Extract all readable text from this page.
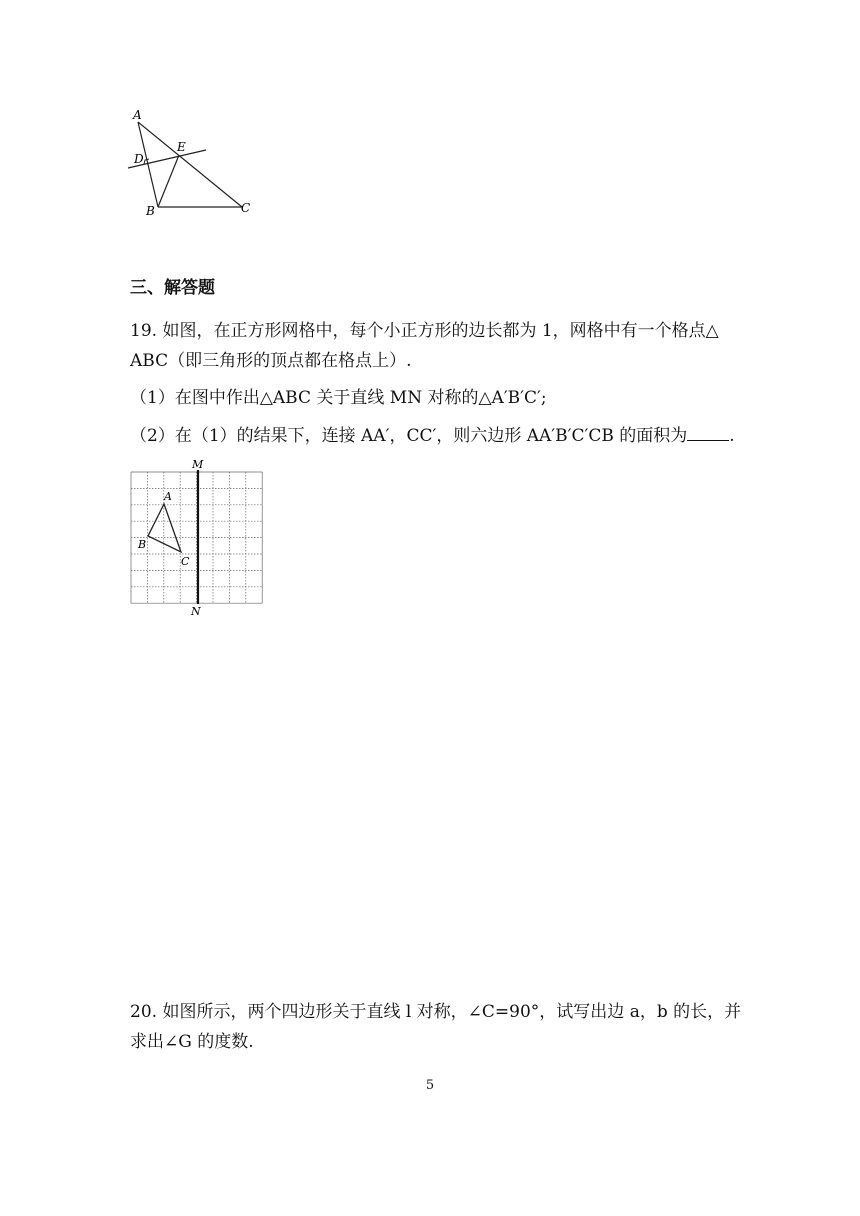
A
D
E
B	C
三、解答题
19. 如图，在正方形网格中，每个小正方形的边长都为 1，网格中有一个格点△
ABC（即三角形的顶点都在格点上）.
（1）在图中作出△ABC 关于直线 MN 对称的△A′B′C′;
（2）在（1）的结果下，连接 AA′，CC′，则六边形 AA′B′C′CB 的面积为 .
M
N
A
B
C
20. 如图所示，两个四边形关于直线 l 对称，∠C=90°，试写出边 a，b 的长，并
求出∠G 的度数.
5
